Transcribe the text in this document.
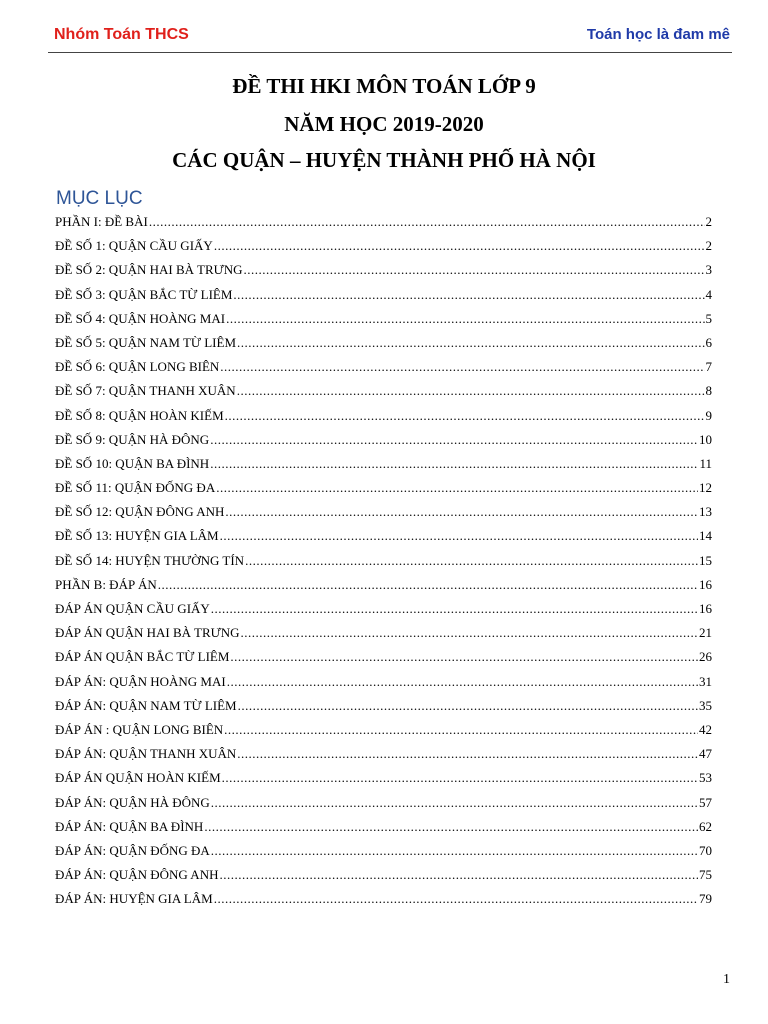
Nhóm Toán THCS	Toán học là đam mê
ĐỀ THI HKI MÔN TOÁN LỚP 9
NĂM HỌC 2019-2020
CÁC QUẬN – HUYỆN THÀNH PHỐ HÀ NỘI
MỤC LỤC
PHẦN I: ĐỀ BÀI .....	2
ĐỀ SỐ 1: QUẬN CẦU GIẤY .....	2
ĐỀ SỐ 2: QUẬN HAI BÀ TRƯNG .....	3
ĐỀ SỐ 3: QUẬN BẮC TỪ LIÊM .....	4
ĐỀ SỐ 4: QUẬN HOÀNG MAI .....	5
ĐỀ SỐ 5: QUẬN NAM TỪ LIÊM .....	6
ĐỀ SỐ 6: QUẬN LONG BIÊN .....	7
ĐỀ SỐ 7: QUẬN THANH XUÂN .....	8
ĐỀ SỐ 8: QUẬN HOÀN KIẾM .....	9
ĐỀ SỐ 9: QUẬN HÀ ĐÔNG .....	10
ĐỀ SỐ 10: QUẬN BA ĐÌNH .....	11
ĐỀ SỐ 11: QUẬN ĐỐNG ĐA .....	12
ĐỀ SỐ 12: QUẬN ĐÔNG ANH .....	13
ĐỀ SỐ 13: HUYỆN GIA LÂM .....	14
ĐỀ SỐ 14: HUYỆN THƯỜNG TÍN .....	15
PHẦN B: ĐÁP ÁN .....	16
ĐÁP ÁN QUẬN CẦU GIẤY .....	16
ĐÁP ÁN QUẬN HAI BÀ TRƯNG .....	21
ĐÁP ÁN QUẬN BẮC TỪ LIÊM .....	26
ĐÁP ÁN: QUẬN HOÀNG MAI .....	31
ĐÁP ÁN: QUẬN NAM TỪ LIÊM .....	35
ĐÁP ÁN : QUẬN LONG BIÊN .....	42
ĐÁP ÁN: QUẬN THANH XUÂN .....	47
ĐÁP ÁN QUẬN HOÀN KIẾM .....	53
ĐÁP ÁN: QUẬN HÀ ĐÔNG .....	57
ĐÁP ÁN: QUẬN BA ĐÌNH .....	62
ĐÁP ÁN: QUẬN ĐỐNG ĐA .....	70
ĐÁP ÁN: QUẬN ĐÔNG ANH .....	75
ĐÁP ÁN: HUYỆN GIA LÂM .....	79
1
